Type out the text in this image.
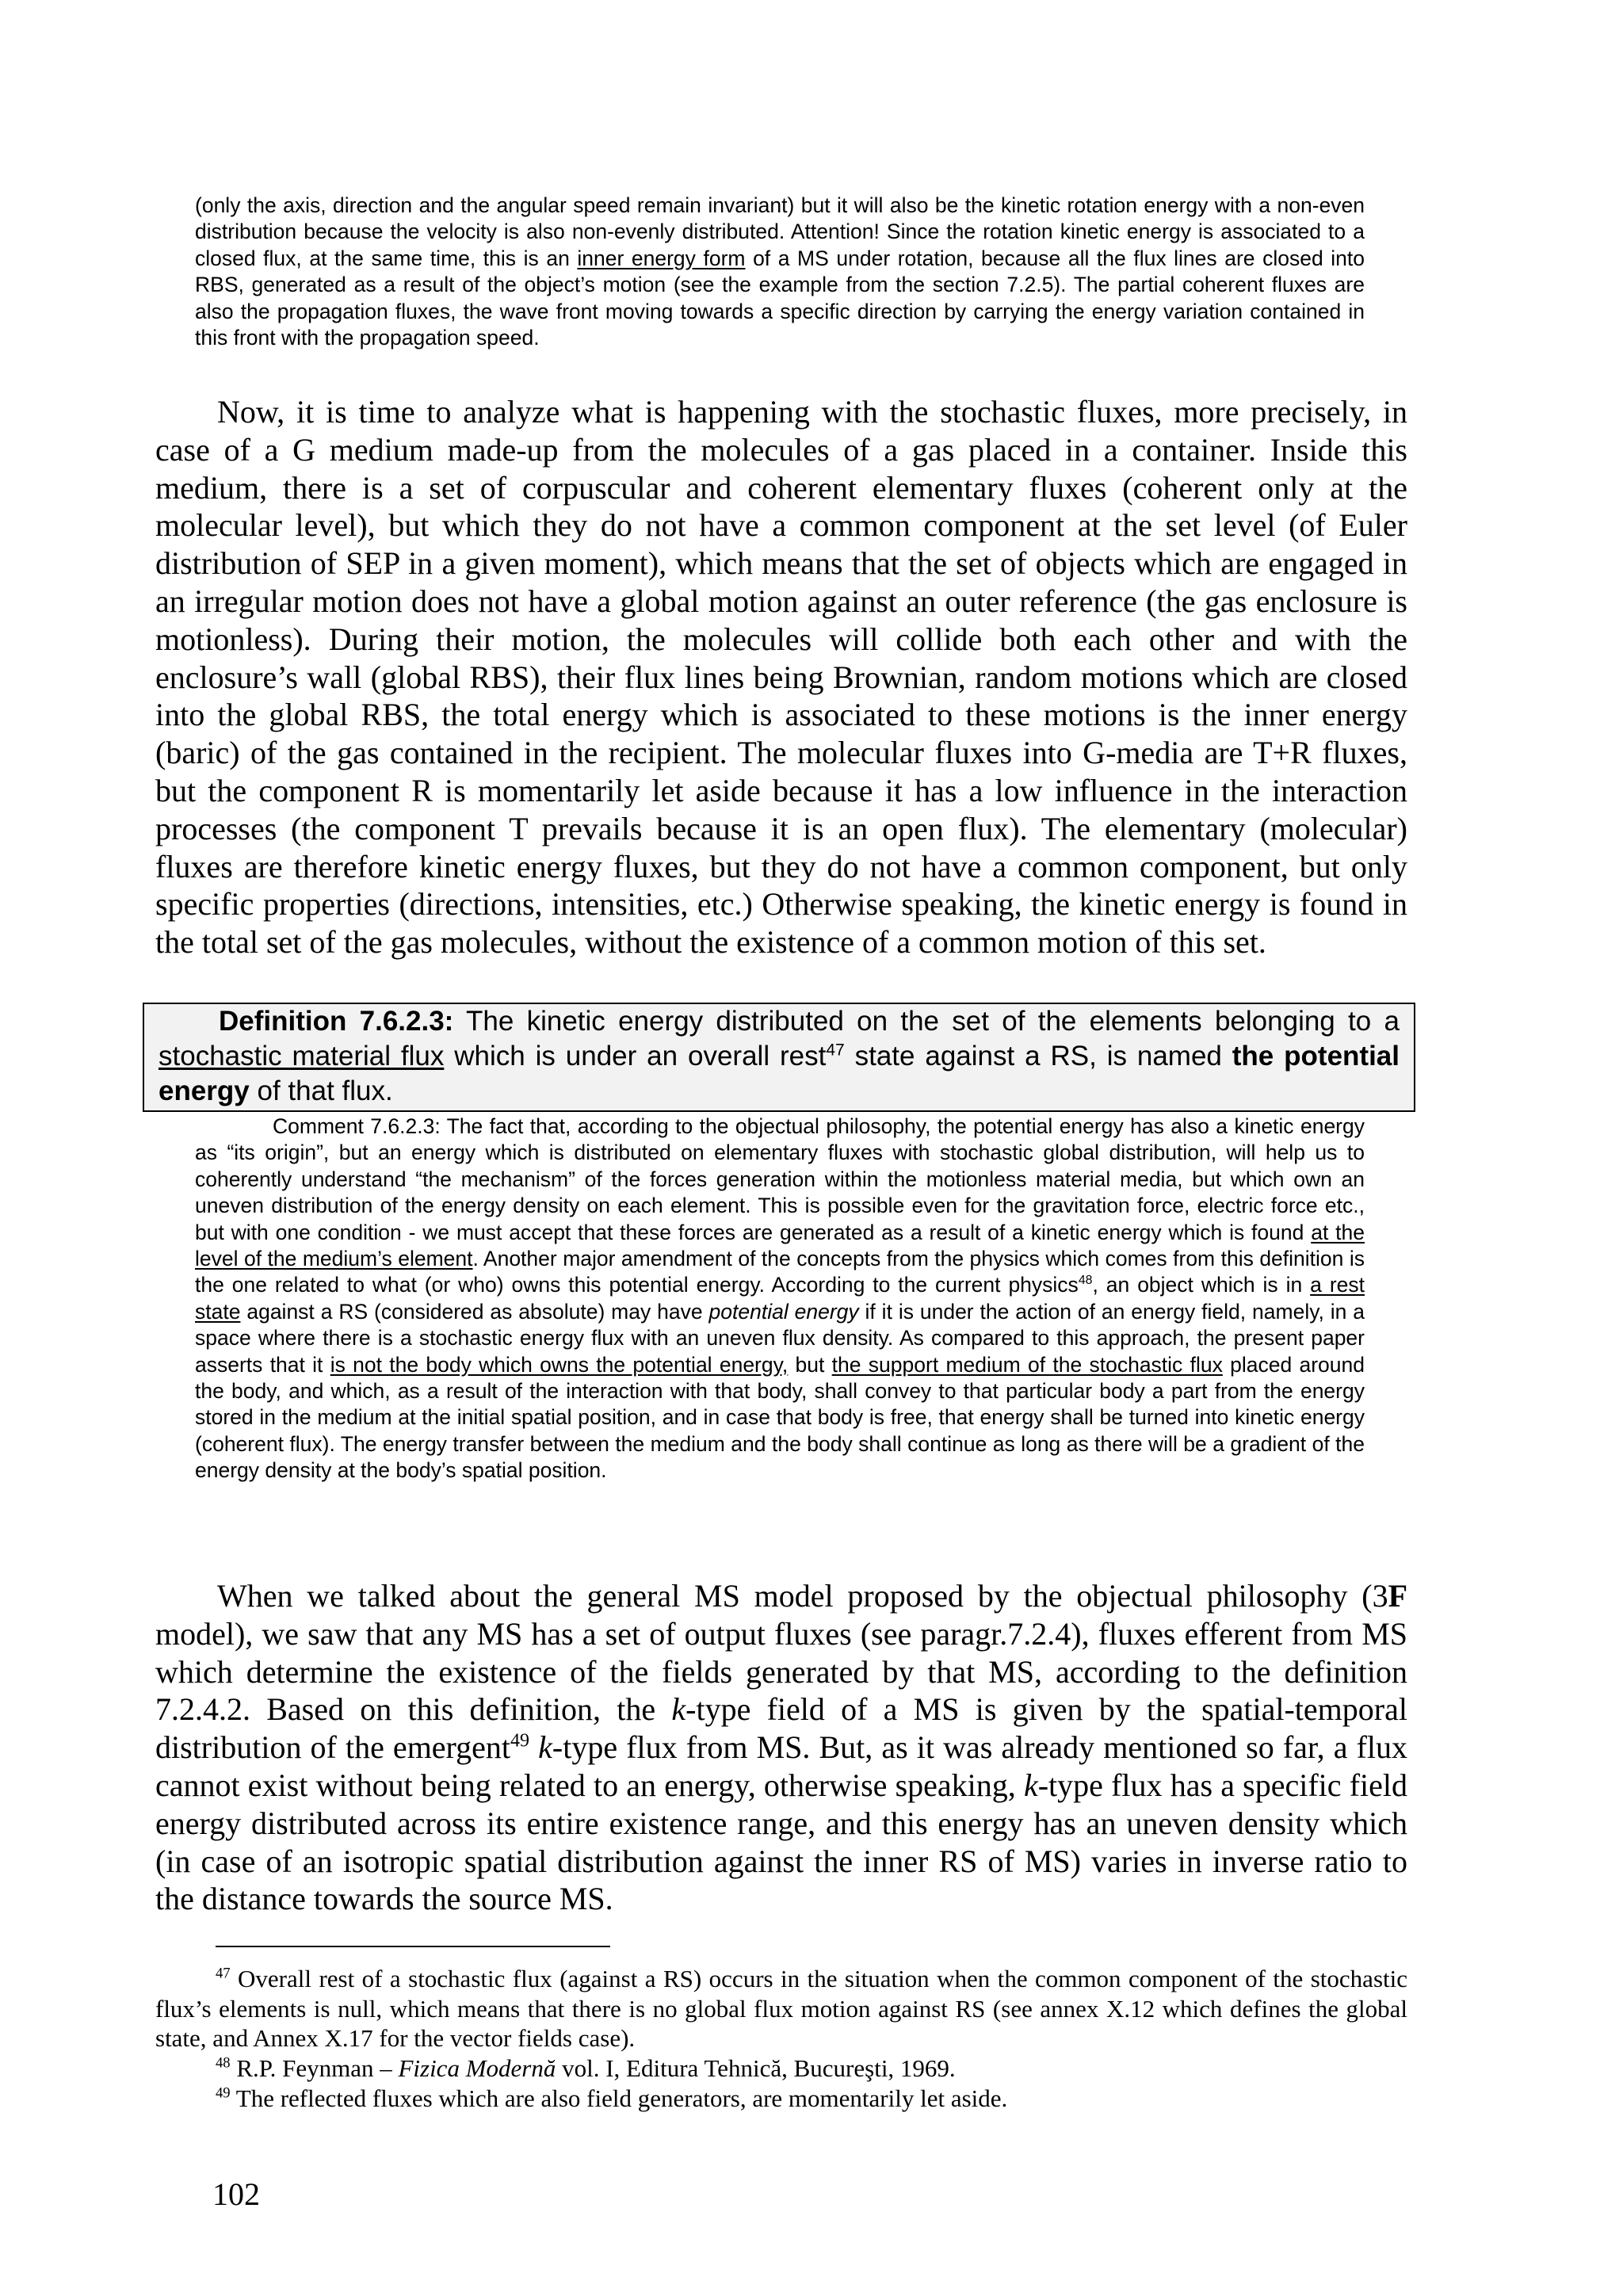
(only the axis, direction and the angular speed remain invariant) but it will also be the kinetic rotation energy with a non-even distribution because the velocity is also non-evenly distributed. Attention! Since the rotation kinetic energy is associated to a closed flux, at the same time, this is an inner energy form of a MS under rotation, because all the flux lines are closed into RBS, generated as a result of the object’s motion (see the example from the section 7.2.5). The partial coherent fluxes are also the propagation fluxes, the wave front moving towards a specific direction by carrying the energy variation contained in this front with the propagation speed.

Now, it is time to analyze what is happening with the stochastic fluxes, more precisely, in case of a G medium made-up from the molecules of a gas placed in a container. Inside this medium, there is a set of corpuscular and coherent elementary fluxes (coherent only at the molecular level), but which they do not have a common component at the set level (of Euler distribution of SEP in a given moment), which means that the set of objects which are engaged in an irregular motion does not have a global motion against an outer reference (the gas enclosure is motionless). During their motion, the molecules will collide both each other and with the enclosure’s wall (global RBS), their flux lines being Brownian, random motions which are closed into the global RBS, the total energy which is associated to these motions is the inner energy (baric) of the gas contained in the recipient. The molecular fluxes into G-media are T+R fluxes, but the component R is momentarily let aside because it has a low influence in the interaction processes (the component T prevails because it is an open flux). The elementary (molecular) fluxes are therefore kinetic energy fluxes, but they do not have a common component, but only specific properties (directions, intensities, etc.) Otherwise speaking, the kinetic energy is found in the total set of the gas molecules, without the existence of a common motion of this set.

Definition 7.6.2.3: The kinetic energy distributed on the set of the elements belonging to a stochastic material flux which is under an overall rest$^{47}$ state against a RS, is named the potential energy of that flux.

Comment 7.6.2.3: The fact that, according to the objectual philosophy, the potential energy has also a kinetic energy as “its origin”, but an energy which is distributed on elementary fluxes with stochastic global distribution, will help us to coherently understand “the mechanism” of the forces generation within the motionless material media, but which own an uneven distribution of the energy density on each element. This is possible even for the gravitation force, electric force etc., but with one condition - we must accept that these forces are generated as a result of a kinetic energy which is found at the level of the medium’s element. Another major amendment of the concepts from the physics which comes from this definition is the one related to what (or who) owns this potential energy. According to the current physics$^{48}$, an object which is in a rest state against a RS (considered as absolute) may have potential energy if it is under the action of an energy field, namely, in a space where there is a stochastic energy flux with an uneven flux density. As compared to this approach, the present paper asserts that it is not the body which owns the potential energy, but the support medium of the stochastic flux placed around the body, and which, as a result of the interaction with that body, shall convey to that particular body a part from the energy stored in the medium at the initial spatial position, and in case that body is free, that energy shall be turned into kinetic energy (coherent flux). The energy transfer between the medium and the body shall continue as long as there will be a gradient of the energy density at the body’s spatial position.

When we talked about the general MS model proposed by the objectual philosophy (3F model), we saw that any MS has a set of output fluxes (see paragr.7.2.4), fluxes efferent from MS which determine the existence of the fields generated by that MS, according to the definition 7.2.4.2. Based on this definition, the k-type field of a MS is given by the spatial-temporal distribution of the emergent$^{49}$ k-type flux from MS. But, as it was already mentioned so far, a flux cannot exist without being related to an energy, otherwise speaking, k-type flux has a specific field energy distributed across its entire existence range, and this energy has an uneven density which (in case of an isotropic spatial distribution against the inner RS of MS) varies in inverse ratio to the distance towards the source MS.

$^{47}$ Overall rest of a stochastic flux (against a RS) occurs in the situation when the common component of the stochastic flux’s elements is null, which means that there is no global flux motion against RS (see annex X.12 which defines the global state, and Annex X.17 for the vector fields case).

$^{48}$ R.P. Feynman – Fizica Modernă vol. I, Editura Tehnică, Bucureşti, 1969.

$^{49}$ The reflected fluxes which are also field generators, are momentarily let aside.

102
